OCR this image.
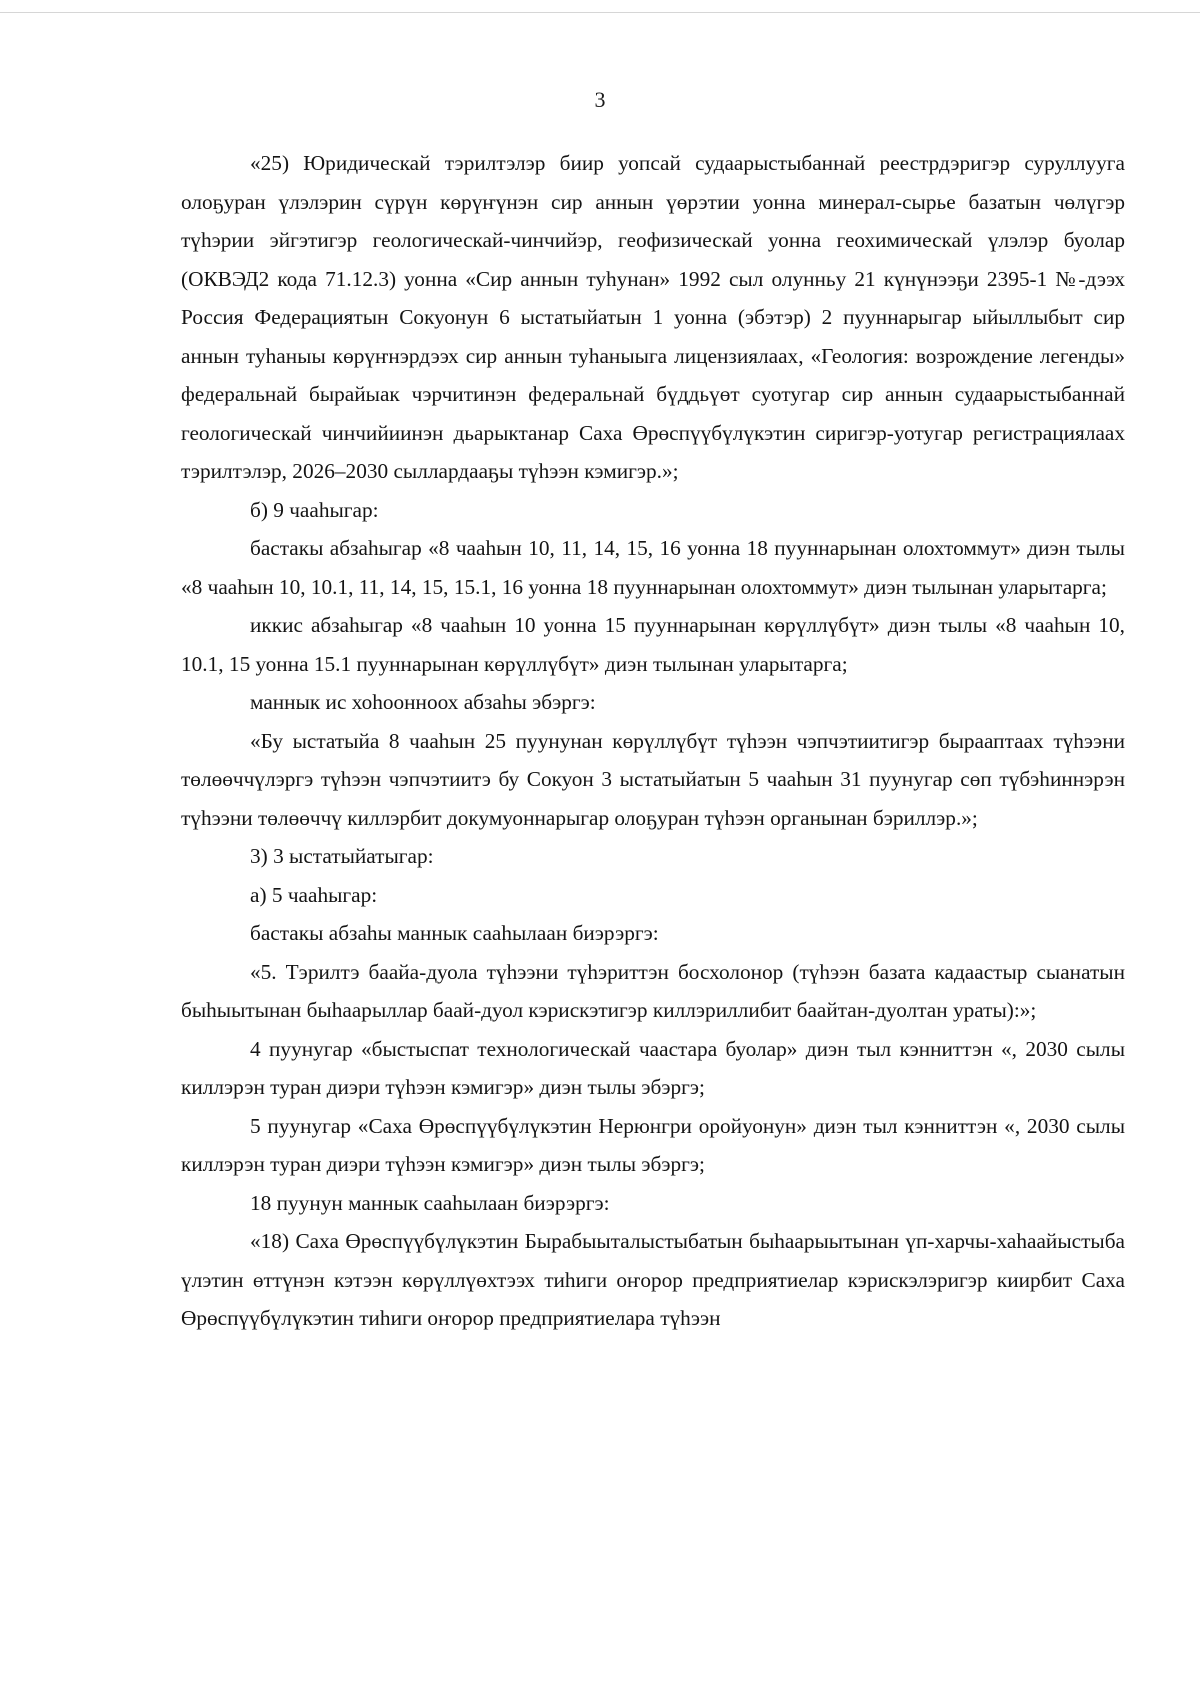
3

«25) Юридическай тэрилтэлэр биир уопсай судаарыстыбаннай реестрдэригэр суруллууга олоҕуран үлэлэрин сүрүн көрүҥүнэн сир аннын үөрэтии уонна минерал-сырье базатын чөлүгэр түһэрии эйгэтигэр геологическай-чинчийэр, геофизическай уонна геохимическай үлэлэр буолар (ОКВЭД2 кода 71.12.3) уонна «Сир аннын туһунан» 1992 сыл олунньу 21 күнүнээҕи 2395-1 №-дээх Россия Федерациятын Сокуонун 6 ыстатыйатын 1 уонна (эбэтэр) 2 пууннарыгар ыйыллыбыт сир аннын туһаныы көрүҥнэрдээх сир аннын туһаныыга лицензиялаах, «Геология: возрождение легенды» федеральнай бырайыак чэрчитинэн федеральнай бүддьүөт суотугар сир аннын судаарыстыбаннай геологическай чинчийиинэн дьарыктанар Саха Өрөспүүбүлүкэтин сиригэр-уотугар регистрациялаах тэрилтэлэр, 2026–2030 сыллардааҕы түһээн кэмигэр.»;

б) 9 чааһыгар:

бастакы абзаһыгар «8 чааһын 10, 11, 14, 15, 16 уонна 18 пууннарынан олохтоммут» диэн тылы «8 чааһын 10, 10.1, 11, 14, 15, 15.1, 16 уонна 18 пууннарынан олохтоммут» диэн тылынан уларытарга;

иккис абзаһыгар «8 чааһын 10 уонна 15 пууннарынан көрүллүбүт» диэн тылы «8 чааһын 10, 10.1, 15 уонна 15.1 пууннарынан көрүллүбүт» диэн тылынан уларытарга;

маннык ис хоһоонноох абзаһы эбэргэ:

«Бу ыстатыйа 8 чааһын 25 пуунунан көрүллүбүт түһээн чэпчэтиитигэр бырааптаах түһээни төлөөччүлэргэ түһээн чэпчэтиитэ бу Сокуон 3 ыстатыйатын 5 чааһын 31 пуунугар сөп түбэһиннэрэн түһээни төлөөччү киллэрбит докумуоннарыгар олоҕуран түһээн органынан бэриллэр.»;

3) 3 ыстатыйатыгар:

а) 5 чааһыгар:

бастакы абзаһы маннык сааһылаан биэрэргэ:

«5. Тэрилтэ баайа-дуола түһээни түһэриттэн босхолонор (түһээн базата кадаастыр сыанатын быһыытынан быһаарыллар баай-дуол кэрискэтигэр киллэриллибит баайтан-дуолтан ураты):»;

4 пуунугар «быстыспат технологическай чаастара буолар» диэн тыл кэнниттэн «, 2030 сылы киллэрэн туран диэри түһээн кэмигэр» диэн тылы эбэргэ;

5 пуунугар «Саха Өрөспүүбүлүкэтин Нерюнгри оройуонун» диэн тыл кэнниттэн «, 2030 сылы киллэрэн туран диэри түһээн кэмигэр» диэн тылы эбэргэ;

18 пуунун маннык сааһылаан биэрэргэ:

«18) Саха Өрөспүүбүлүкэтин Бырабыыталыстыбатын быһаарыытынан үп-харчы-хаһаайыстыба үлэтин өттүнэн кэтээн көрүллүөхтээх тиһиги оҥорор предприятиелар кэрискэлэригэр киирбит Саха Өрөспүүбүлүкэтин тиһиги оҥорор предприятиелара түһээн
